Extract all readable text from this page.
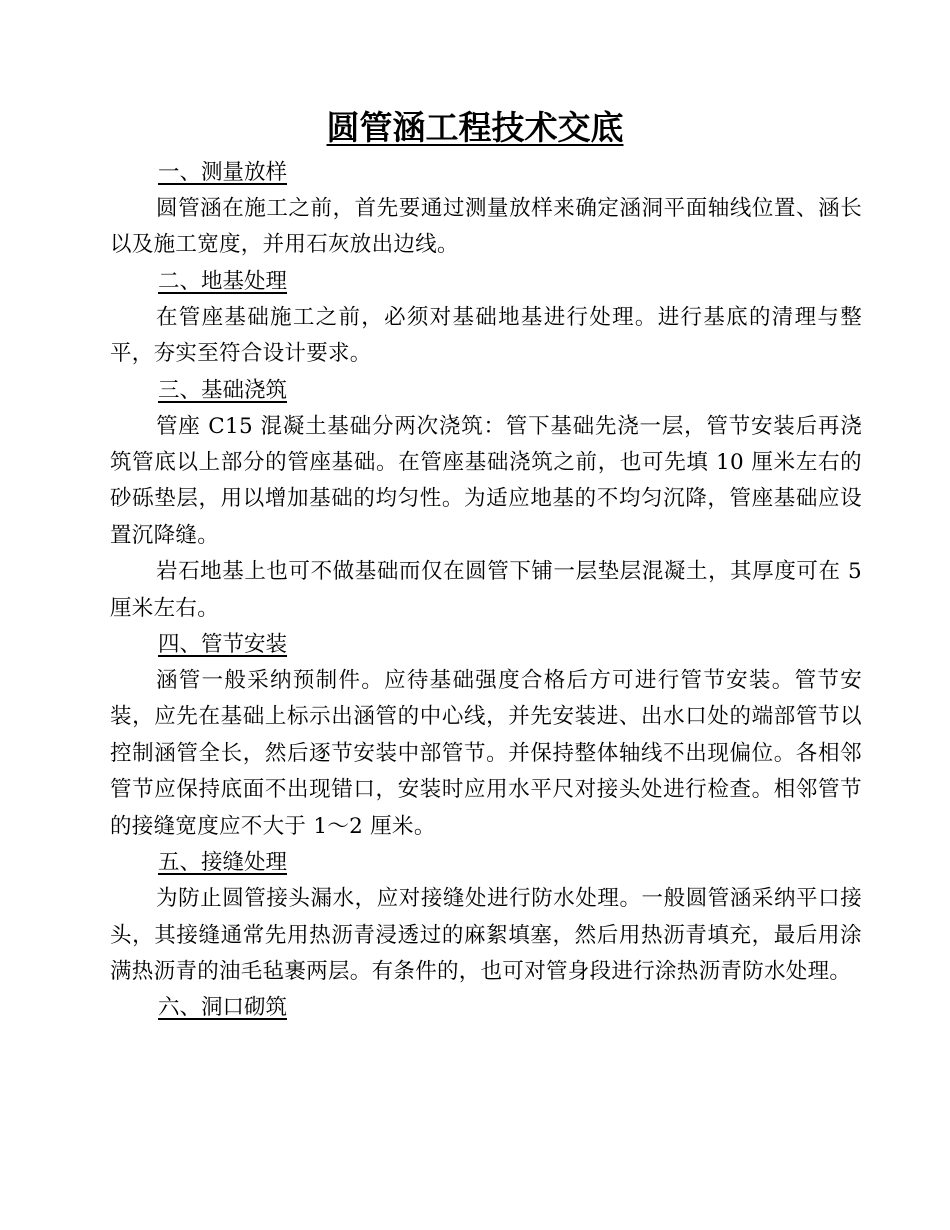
圆管涵工程技术交底
一、测量放样

圆管涵在施工之前，首先要通过测量放样来确定涵洞平面轴线位置、涵长以及施工宽度，并用石灰放出边线。

二、地基处理

在管座基础施工之前，必须对基础地基进行处理。进行基底的清理与整平，夯实至符合设计要求。

三、基础浇筑

管座 C15 混凝土基础分两次浇筑：管下基础先浇一层，管节安装后再浇筑管底以上部分的管座基础。在管座基础浇筑之前，也可先填 10 厘米左右的砂砾垫层，用以增加基础的均匀性。为适应地基的不均匀沉降，管座基础应设置沉降缝。

岩石地基上也可不做基础而仅在圆管下铺一层垫层混凝土，其厚度可在 5 厘米左右。

四、管节安装

涵管一般采纳预制件。应待基础强度合格后方可进行管节安装。管节安装，应先在基础上标示出涵管的中心线，并先安装进、出水口处的端部管节以控制涵管全长，然后逐节安装中部管节。并保持整体轴线不出现偏位。各相邻管节应保持底面不出现错口，安装时应用水平尺对接头处进行检查。相邻管节的接缝宽度应不大于 1～2 厘米。

五、接缝处理

为防止圆管接头漏水，应对接缝处进行防水处理。一般圆管涵采纳平口接头，其接缝通常先用热沥青浸透过的麻絮填塞，然后用热沥青填充，最后用涂满热沥青的油毛毡裹两层。有条件的，也可对管身段进行涂热沥青防水处理。

六、洞口砌筑
